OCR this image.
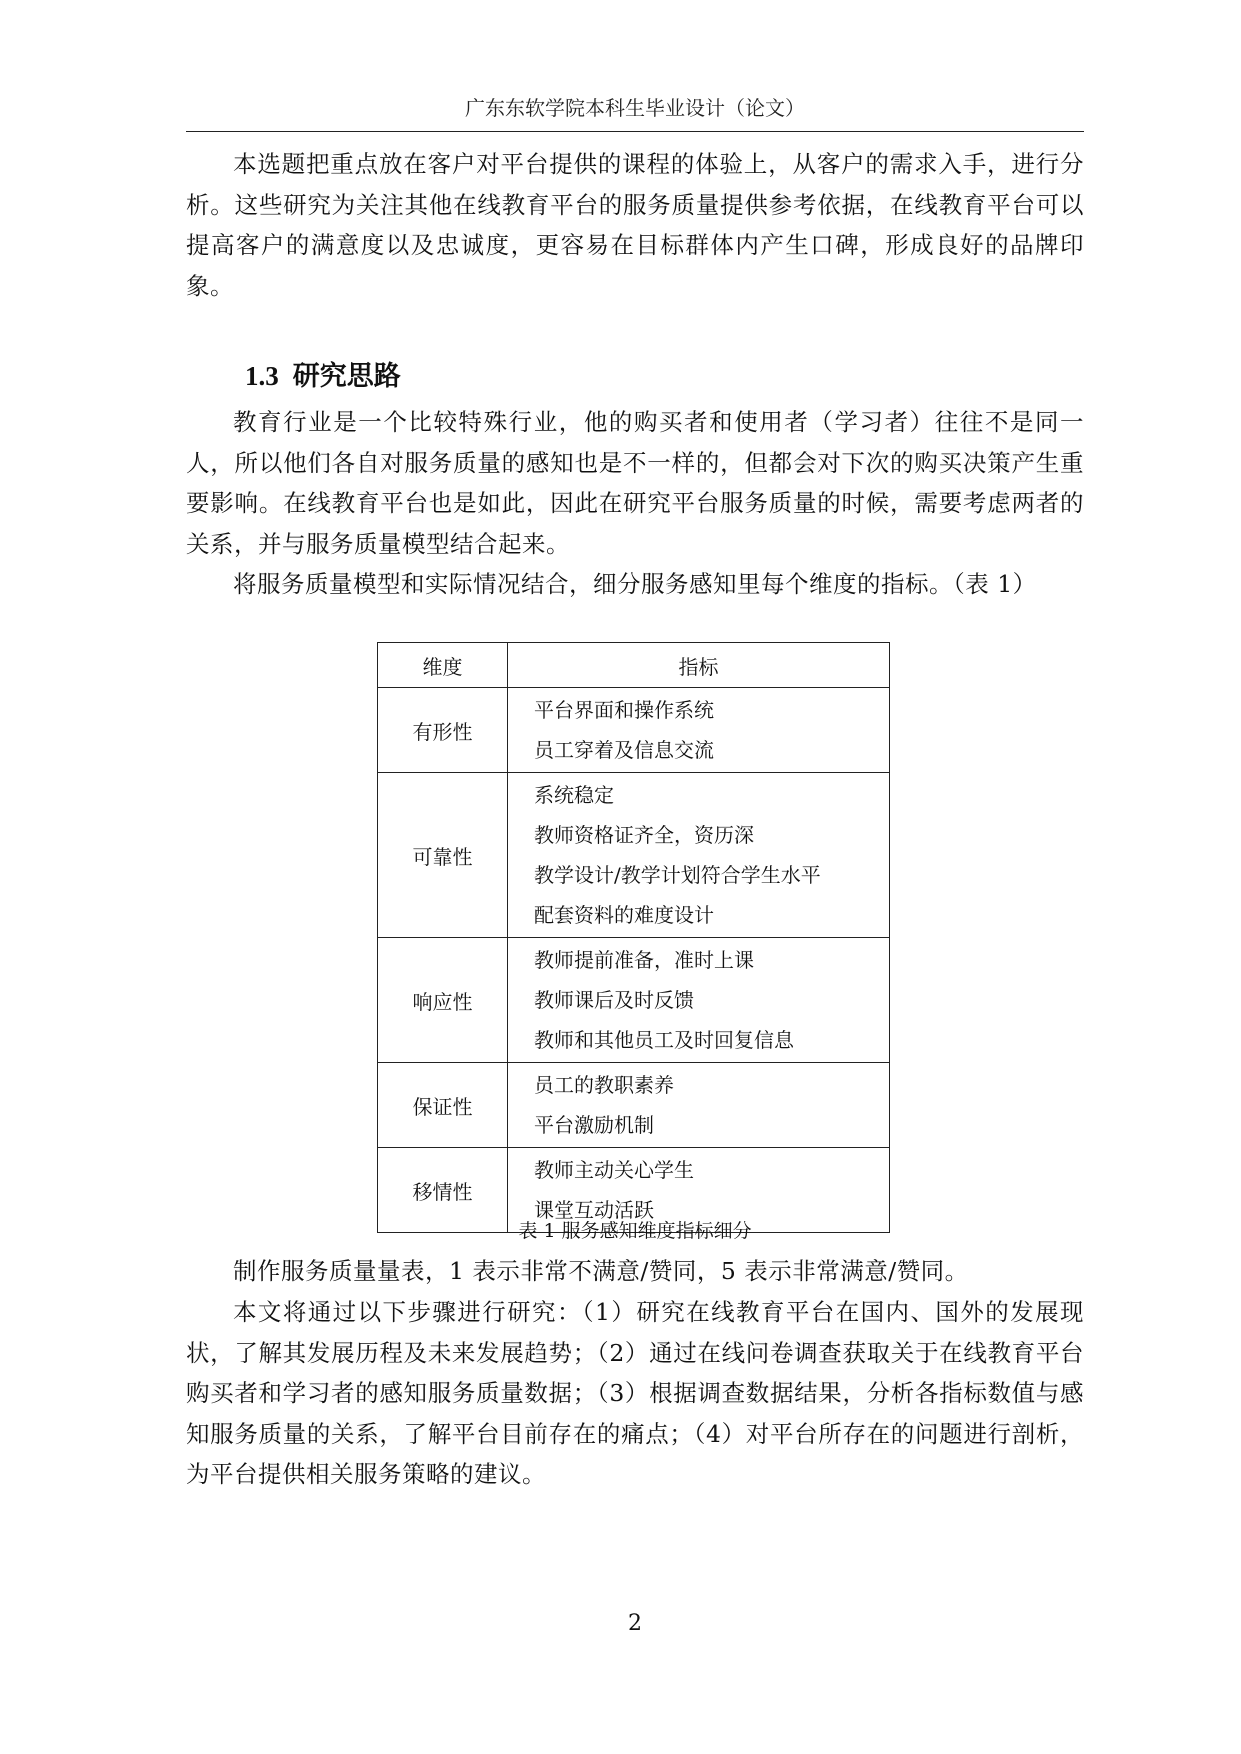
广东东软学院本科生毕业设计（论文）

本选题把重点放在客户对平台提供的课程的体验上，从客户的需求入手，进行分析。这些研究为关注其他在线教育平台的服务质量提供参考依据，在线教育平台可以提高客户的满意度以及忠诚度，更容易在目标群体内产生口碑，形成良好的品牌印象。

1.3 研究思路

教育行业是一个比较特殊行业，他的购买者和使用者（学习者）往往不是同一人，所以他们各自对服务质量的感知也是不一样的，但都会对下次的购买决策产生重要影响。在线教育平台也是如此，因此在研究平台服务质量的时候，需要考虑两者的关系，并与服务质量模型结合起来。

将服务质量模型和实际情况结合，细分服务感知里每个维度的指标。（表 1）

维度	指标
有形性	平台界面和操作系统
员工穿着及信息交流

可靠性	系统稳定
教师资格证齐全，资历深
教学设计/教学计划符合学生水平
配套资料的难度设计

响应性	教师提前准备，准时上课
教师课后及时反馈
教师和其他员工及时回复信息

保证性	员工的教职素养
平台激励机制

移情性	教师主动关心学生
课堂互动活跃
表 1 服务感知维度指标细分

制作服务质量量表，1 表示非常不满意/赞同，5 表示非常满意/赞同。

本文将通过以下步骤进行研究：（1）研究在线教育平台在国内、国外的发展现状，了解其发展历程及未来发展趋势；（2）通过在线问卷调查获取关于在线教育平台购买者和学习者的感知服务质量数据；（3）根据调查数据结果，分析各指标数值与感知服务质量的关系，了解平台目前存在的痛点；（4）对平台所存在的问题进行剖析，为平台提供相关服务策略的建议。

2
